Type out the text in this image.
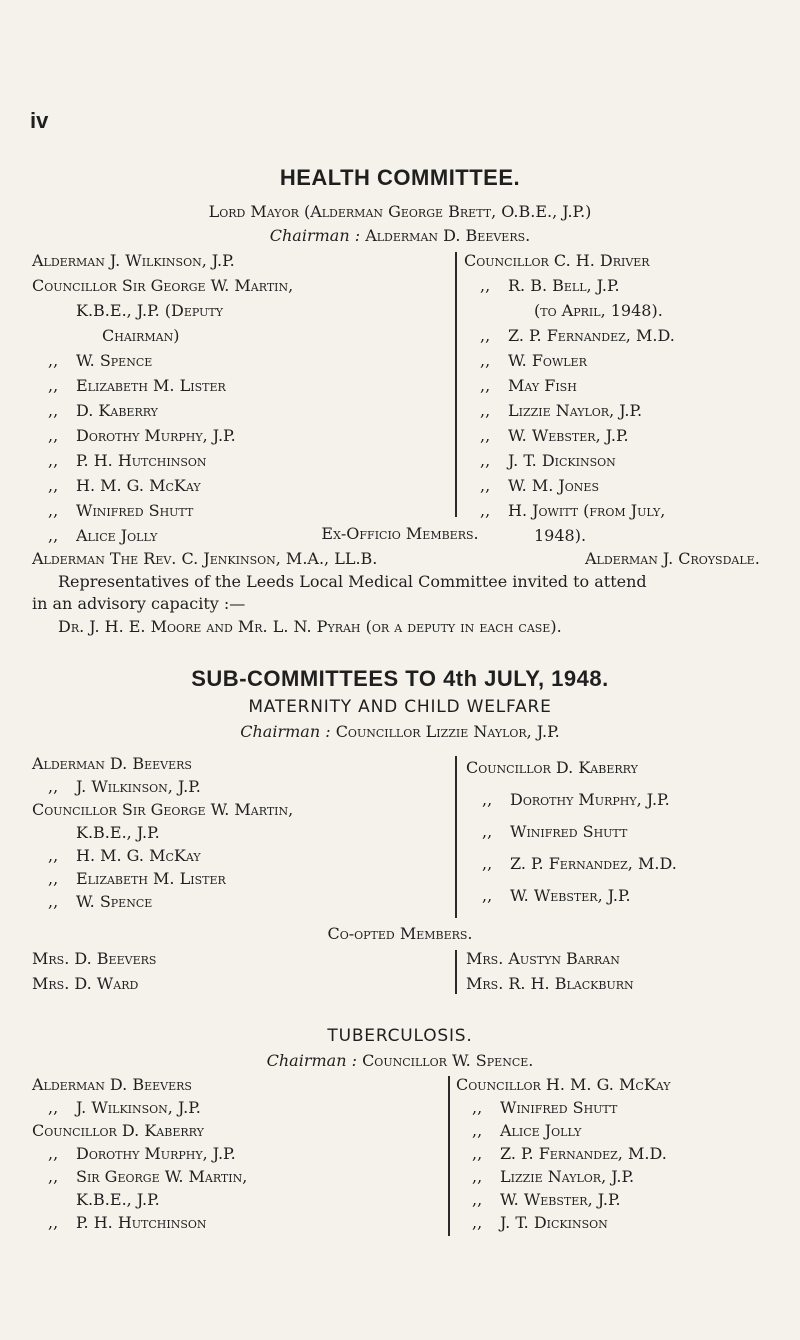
iv
HEALTH COMMITTEE.
Lord Mayor (Alderman George Brett, O.B.E., J.P.)
Chairman : Alderman D. Beevers.
Alderman J. Wilkinson, J.P.
Councillor Sir George W. Martin,
K.B.E., J.P. (Deputy
Chairman)
,, W. Spence
,, Elizabeth M. Lister
,, D. Kaberry
,, Dorothy Murphy, J.P.
,, P. H. Hutchinson
,, H. M. G. McKay
,, Winifred Shutt
,, Alice Jolly
Councillor C. H. Driver
,, R. B. Bell, J.P.
(to April, 1948).
,, Z. P. Fernandez, M.D.
,, W. Fowler
,, May Fish
,, Lizzie Naylor, J.P.
,, W. Webster, J.P.
,, J. T. Dickinson
,, W. M. Jones
,, H. Jowitt (from July,
1948).
Ex-Officio Members.
Alderman The Rev. C. Jenkinson, M.A., LL.B.	Alderman J. Croysdale.
Representatives of the Leeds Local Medical Committee invited to attend
in an advisory capacity :—
Dr. J. H. E. Moore and Mr. L. N. Pyrah (or a deputy in each case).
SUB-COMMITTEES TO 4th JULY, 1948.
MATERNITY AND CHILD WELFARE
Chairman : Councillor Lizzie Naylor, J.P.
Alderman D. Beevers
,, J. Wilkinson, J.P.
Councillor Sir George W. Martin,
K.B.E., J.P.
,, H. M. G. McKay
,, Elizabeth M. Lister
,, W. Spence
Councillor D. Kaberry
,, Dorothy Murphy, J.P.
,, Winifred Shutt
,, Z. P. Fernandez, M.D.
,, W. Webster, J.P.
Co-opted Members.
Mrs. D. Beevers
Mrs. D. Ward
Mrs. Austyn Barran
Mrs. R. H. Blackburn
TUBERCULOSIS.
Chairman : Councillor W. Spence.
Alderman D. Beevers
,, J. Wilkinson, J.P.
Councillor D. Kaberry
,, Dorothy Murphy, J.P.
,, Sir George W. Martin,
K.B.E., J.P.
,, P. H. Hutchinson
Councillor H. M. G. McKay
,, Winifred Shutt
,, Alice Jolly
,, Z. P. Fernandez, M.D.
,, Lizzie Naylor, J.P.
,, W. Webster, J.P.
,, J. T. Dickinson
